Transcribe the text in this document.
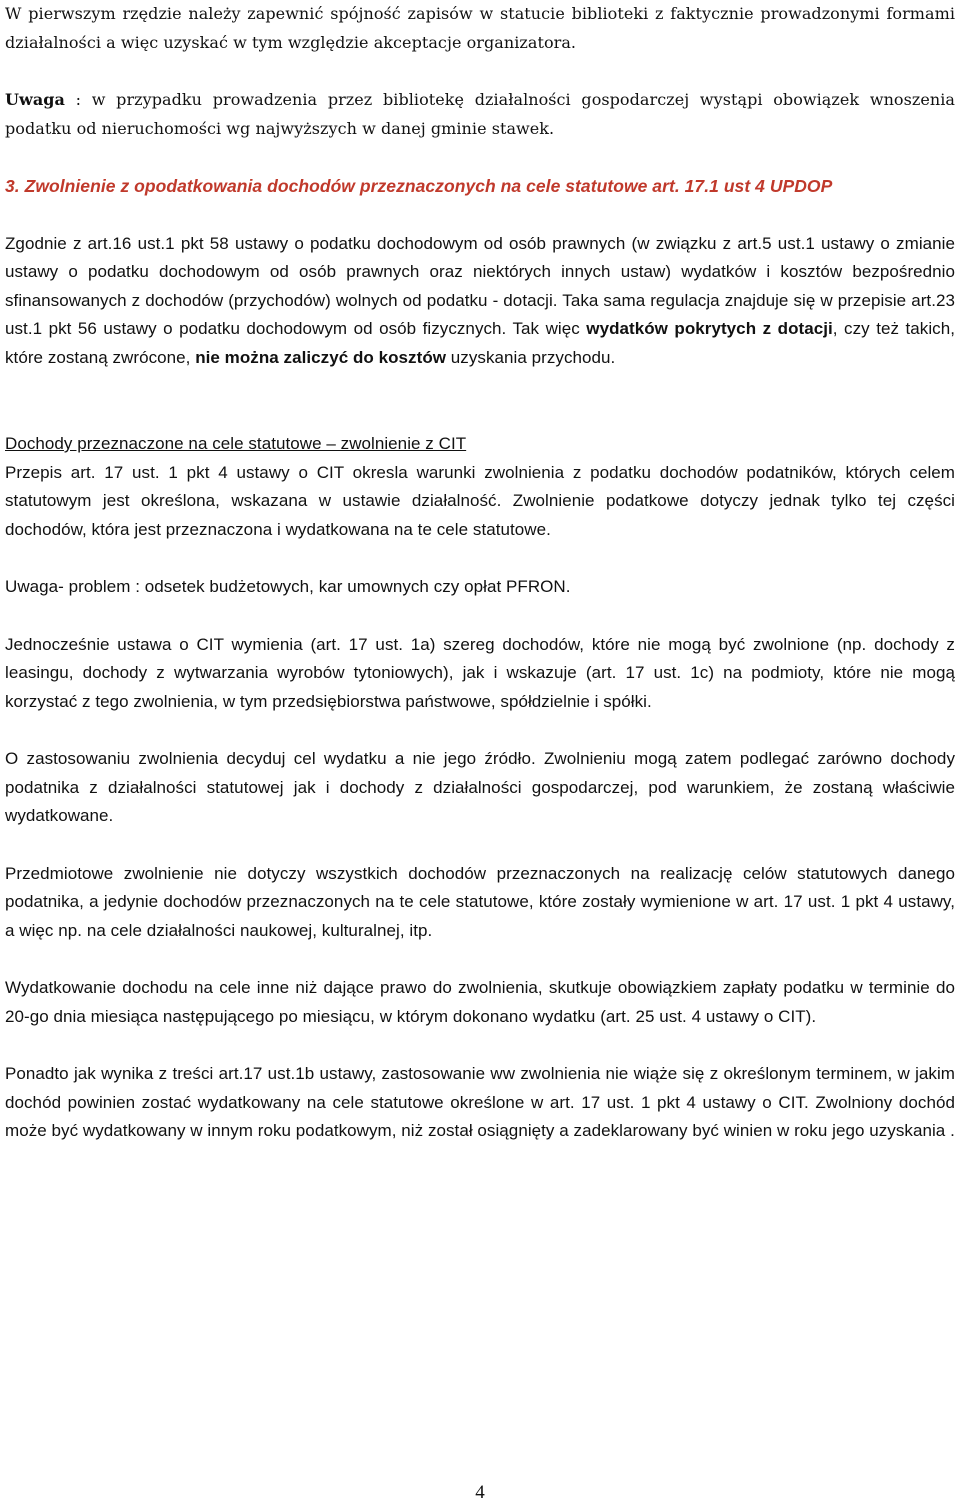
W pierwszym rzędzie należy zapewnić spójność zapisów w statucie biblioteki z faktycznie prowadzonymi formami działalności a więc uzyskać w tym względzie akceptacje organizatora.

Uwaga : w przypadku prowadzenia przez bibliotekę działalności gospodarczej wystąpi obowiązek wnoszenia podatku od nieruchomości wg najwyższych w danej gminie stawek.

3. Zwolnienie z opodatkowania dochodów przeznaczonych na cele statutowe art. 17.1 ust 4 UPDOP

Zgodnie z art.16 ust.1 pkt 58 ustawy o podatku dochodowym od osób prawnych (w związku z art.5 ust.1 ustawy o zmianie ustawy o podatku dochodowym od osób prawnych oraz niektórych innych ustaw) wydatków i kosztów bezpośrednio sfinansowanych z dochodów (przychodów) wolnych od podatku - dotacji. Taka sama regulacja znajduje się w przepisie art.23 ust.1 pkt 56 ustawy o podatku dochodowym od osób fizycznych. Tak więc wydatków pokrytych z dotacji, czy też takich, które zostaną zwrócone, nie można zaliczyć do kosztów uzyskania przychodu.

Dochody przeznaczone na cele statutowe – zwolnienie z CIT

Przepis art. 17 ust. 1 pkt 4 ustawy o CIT okresla warunki zwolnienia z podatku dochodów podatników, których celem statutowym jest określona, wskazana w ustawie działalność. Zwolnienie podatkowe dotyczy jednak tylko tej części dochodów, która jest przeznaczona i wydatkowana na te cele statutowe.

Uwaga- problem : odsetek budżetowych, kar umownych czy opłat PFRON.

Jednocześnie ustawa o CIT wymienia (art. 17 ust. 1a) szereg dochodów, które nie mogą być zwolnione (np. dochody z leasingu, dochody z wytwarzania wyrobów tytoniowych), jak i wskazuje (art. 17 ust. 1c) na podmioty, które nie mogą korzystać z tego zwolnienia, w tym przedsiębiorstwa państwowe, spółdzielnie i spółki.

O zastosowaniu zwolnienia decyduj cel wydatku a nie jego źródło. Zwolnieniu mogą zatem podlegać zarówno dochody podatnika z działalności statutowej jak i dochody z działalności gospodarczej, pod warunkiem, że zostaną właściwie wydatkowane.

Przedmiotowe zwolnienie nie dotyczy wszystkich dochodów przeznaczonych na realizację celów statutowych danego podatnika, a jedynie dochodów przeznaczonych na te cele statutowe, które zostały wymienione w art. 17 ust. 1 pkt 4 ustawy, a więc np. na cele działalności naukowej, kulturalnej, itp.

Wydatkowanie dochodu na cele inne niż dające prawo do zwolnienia, skutkuje obowiązkiem zapłaty podatku w terminie do 20-go dnia miesiąca następującego po miesiącu, w którym dokonano wydatku (art. 25 ust. 4 ustawy o CIT).

Ponadto jak wynika z treści art.17 ust.1b ustawy, zastosowanie ww zwolnienia nie wiąże się z określonym terminem, w jakim dochód powinien zostać wydatkowany na cele statutowe określone w art. 17 ust. 1 pkt 4 ustawy o CIT. Zwolniony dochód może być wydatkowany w innym roku podatkowym, niż został osiągnięty a zadeklarowany być winien w roku jego uzyskania .

4
